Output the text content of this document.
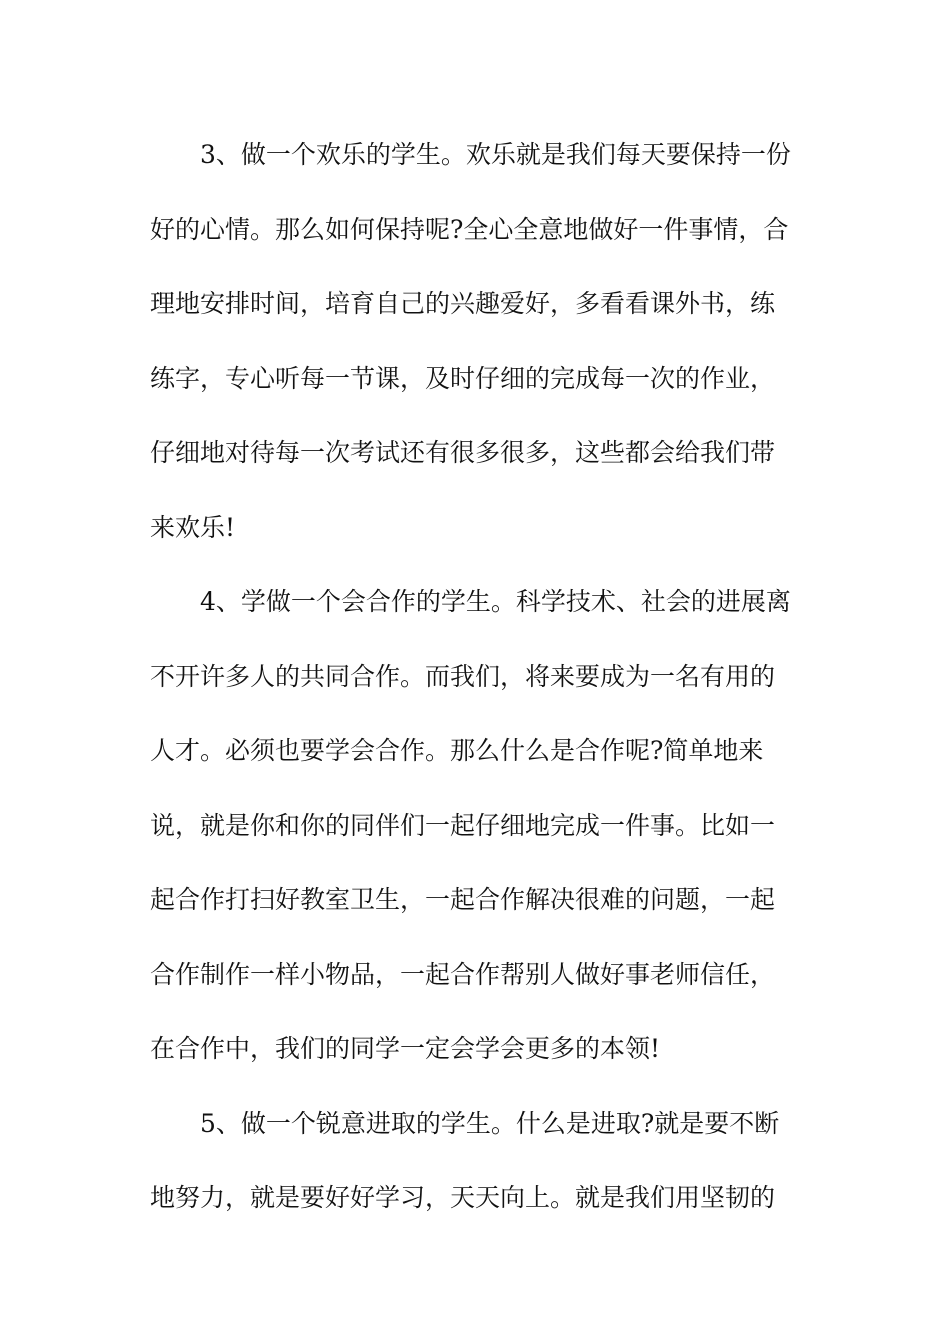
3、做一个欢乐的学生。欢乐就是我们每天要保持一份
好的心情。那么如何保持呢?全心全意地做好一件事情，合
理地安排时间，培育自己的兴趣爱好，多看看课外书，练
练字，专心听每一节课，及时仔细的完成每一次的作业，
仔细地对待每一次考试还有很多很多，这些都会给我们带
来欢乐!
4、学做一个会合作的学生。科学技术、社会的进展离
不开许多人的共同合作。而我们，将来要成为一名有用的
人才。必须也要学会合作。那么什么是合作呢?简单地来
说，就是你和你的同伴们一起仔细地完成一件事。比如一
起合作打扫好教室卫生，一起合作解决很难的问题，一起
合作制作一样小物品，一起合作帮别人做好事老师信任，
在合作中，我们的同学一定会学会更多的本领!
5、做一个锐意进取的学生。什么是进取?就是要不断
地努力，就是要好好学习，天天向上。就是我们用坚韧的
